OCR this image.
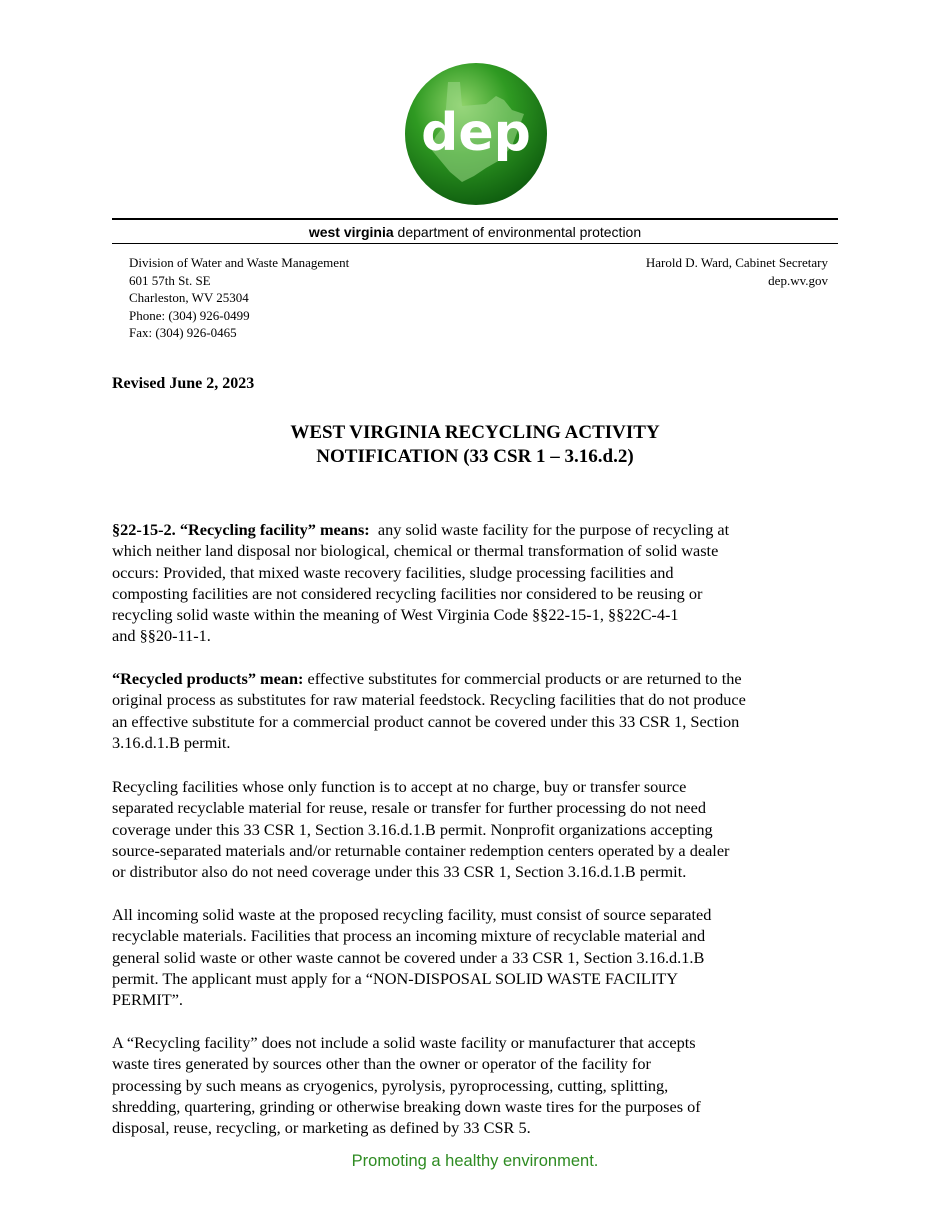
dep
west virginia department of environmental protection
Division of Water and Waste Management
601 57th St. SE
Charleston, WV 25304
Phone: (304) 926-0499
Fax: (304) 926-0465
Harold D. Ward, Cabinet Secretary
dep.wv.gov
Revised June 2, 2023
WEST VIRGINIA RECYCLING ACTIVITY
NOTIFICATION (33 CSR 1 – 3.16.d.2)
§22-15-2. “Recycling facility” means:  any solid waste facility for the purpose of recycling at
which neither land disposal nor biological, chemical or thermal transformation of solid waste
occurs: Provided, that mixed waste recovery facilities, sludge processing facilities and
composting facilities are not considered recycling facilities nor considered to be reusing or
recycling solid waste within the meaning of West Virginia Code §§22-15-1, §§22C-4-1
and §§20-11-1.
“Recycled products” mean: effective substitutes for commercial products or are returned to the
original process as substitutes for raw material feedstock. Recycling facilities that do not produce
an effective substitute for a commercial product cannot be covered under this 33 CSR 1, Section
3.16.d.1.B permit.
Recycling facilities whose only function is to accept at no charge, buy or transfer source
separated recyclable material for reuse, resale or transfer for further processing do not need
coverage under this 33 CSR 1, Section 3.16.d.1.B permit. Nonprofit organizations accepting
source-separated materials and/or returnable container redemption centers operated by a dealer
or distributor also do not need coverage under this 33 CSR 1, Section 3.16.d.1.B permit.
All incoming solid waste at the proposed recycling facility, must consist of source separated
recyclable materials. Facilities that process an incoming mixture of recyclable material and
general solid waste or other waste cannot be covered under a 33 CSR 1, Section 3.16.d.1.B
permit. The applicant must apply for a “NON-DISPOSAL SOLID WASTE FACILITY
PERMIT”.
A “Recycling facility” does not include a solid waste facility or manufacturer that accepts
waste tires generated by sources other than the owner or operator of the facility for
processing by such means as cryogenics, pyrolysis, pyroprocessing, cutting, splitting,
shredding, quartering, grinding or otherwise breaking down waste tires for the purposes of
disposal, reuse, recycling, or marketing as defined by 33 CSR 5.
Promoting a healthy environment.
